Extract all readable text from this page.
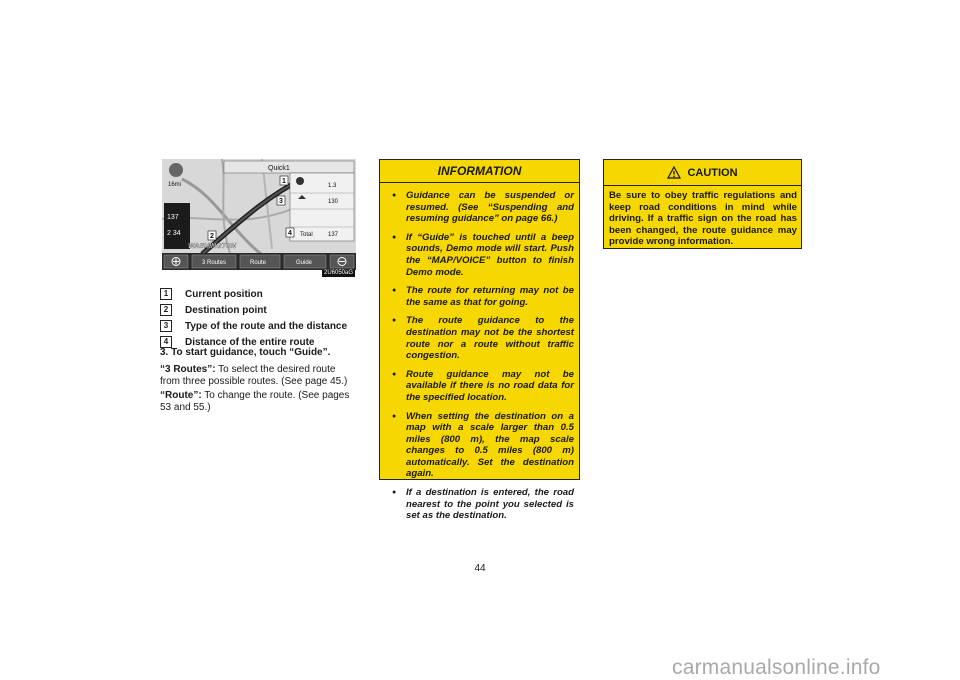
Quick1
16mi
137
2 34
1.3
130
Total	137
WASHINGTON
3 Routes	Route	Guide
1
2
3
4
2U6050aG
1	Current position
2	Destination point
3	Type of the route and the distance
4	Distance of the entire route
3. To start guidance, touch “Guide”.
“3 Routes”: To select the desired route from three possible routes. (See page 45.)
“Route”: To change the route. (See pages 53 and 55.)
INFORMATION
● Guidance can be suspended or resumed. (See “Suspending and resuming guidance” on page 66.)
● If “Guide” is touched until a beep sounds, Demo mode will start. Push the “MAP/VOICE” button to finish Demo mode.
● The route for returning may not be the same as that for going.
● The route guidance to the destination may not be the shortest route nor a route without traffic congestion.
● Route guidance may not be available if there is no road data for the specified location.
● When setting the destination on a map with a scale larger than 0.5 miles (800 m), the map scale changes to 0.5 miles (800 m) automatically. Set the destination again.
● If a destination is entered, the road nearest to the point you selected is set as the destination.
CAUTION
Be sure to obey traffic regulations and keep road conditions in mind while driving. If a traffic sign on the road has been changed, the route guidance may provide wrong information.
44
carmanualsonline.info
